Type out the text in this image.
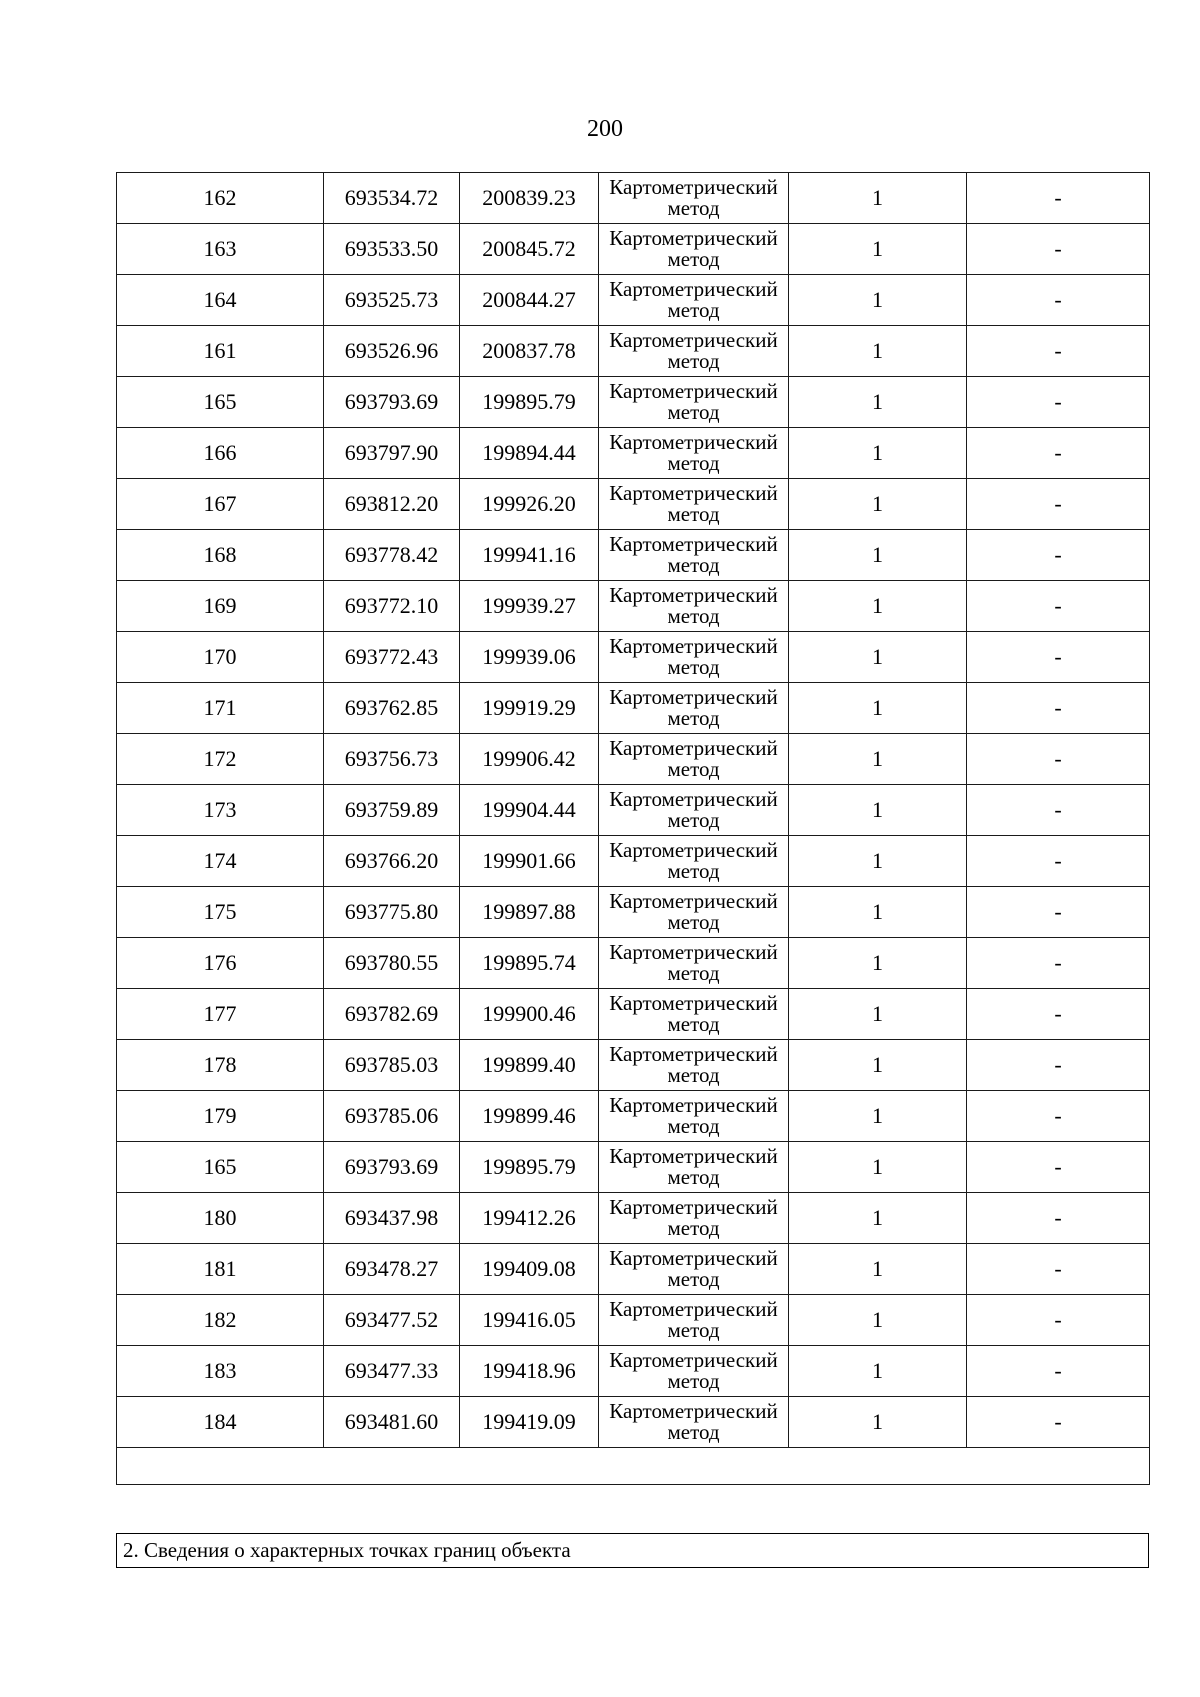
200
162	693534.72	200839.23	Картометрический метод	1	-
163	693533.50	200845.72	Картометрический метод	1	-
164	693525.73	200844.27	Картометрический метод	1	-
161	693526.96	200837.78	Картометрический метод	1	-
165	693793.69	199895.79	Картометрический метод	1	-
166	693797.90	199894.44	Картометрический метод	1	-
167	693812.20	199926.20	Картометрический метод	1	-
168	693778.42	199941.16	Картометрический метод	1	-
169	693772.10	199939.27	Картометрический метод	1	-
170	693772.43	199939.06	Картометрический метод	1	-
171	693762.85	199919.29	Картометрический метод	1	-
172	693756.73	199906.42	Картометрический метод	1	-
173	693759.89	199904.44	Картометрический метод	1	-
174	693766.20	199901.66	Картометрический метод	1	-
175	693775.80	199897.88	Картометрический метод	1	-
176	693780.55	199895.74	Картометрический метод	1	-
177	693782.69	199900.46	Картометрический метод	1	-
178	693785.03	199899.40	Картометрический метод	1	-
179	693785.06	199899.46	Картометрический метод	1	-
165	693793.69	199895.79	Картометрический метод	1	-
180	693437.98	199412.26	Картометрический метод	1	-
181	693478.27	199409.08	Картометрический метод	1	-
182	693477.52	199416.05	Картометрический метод	1	-
183	693477.33	199418.96	Картометрический метод	1	-
184	693481.60	199419.09	Картометрический метод	1	-

2. Сведения о характерных точках границ объекта
